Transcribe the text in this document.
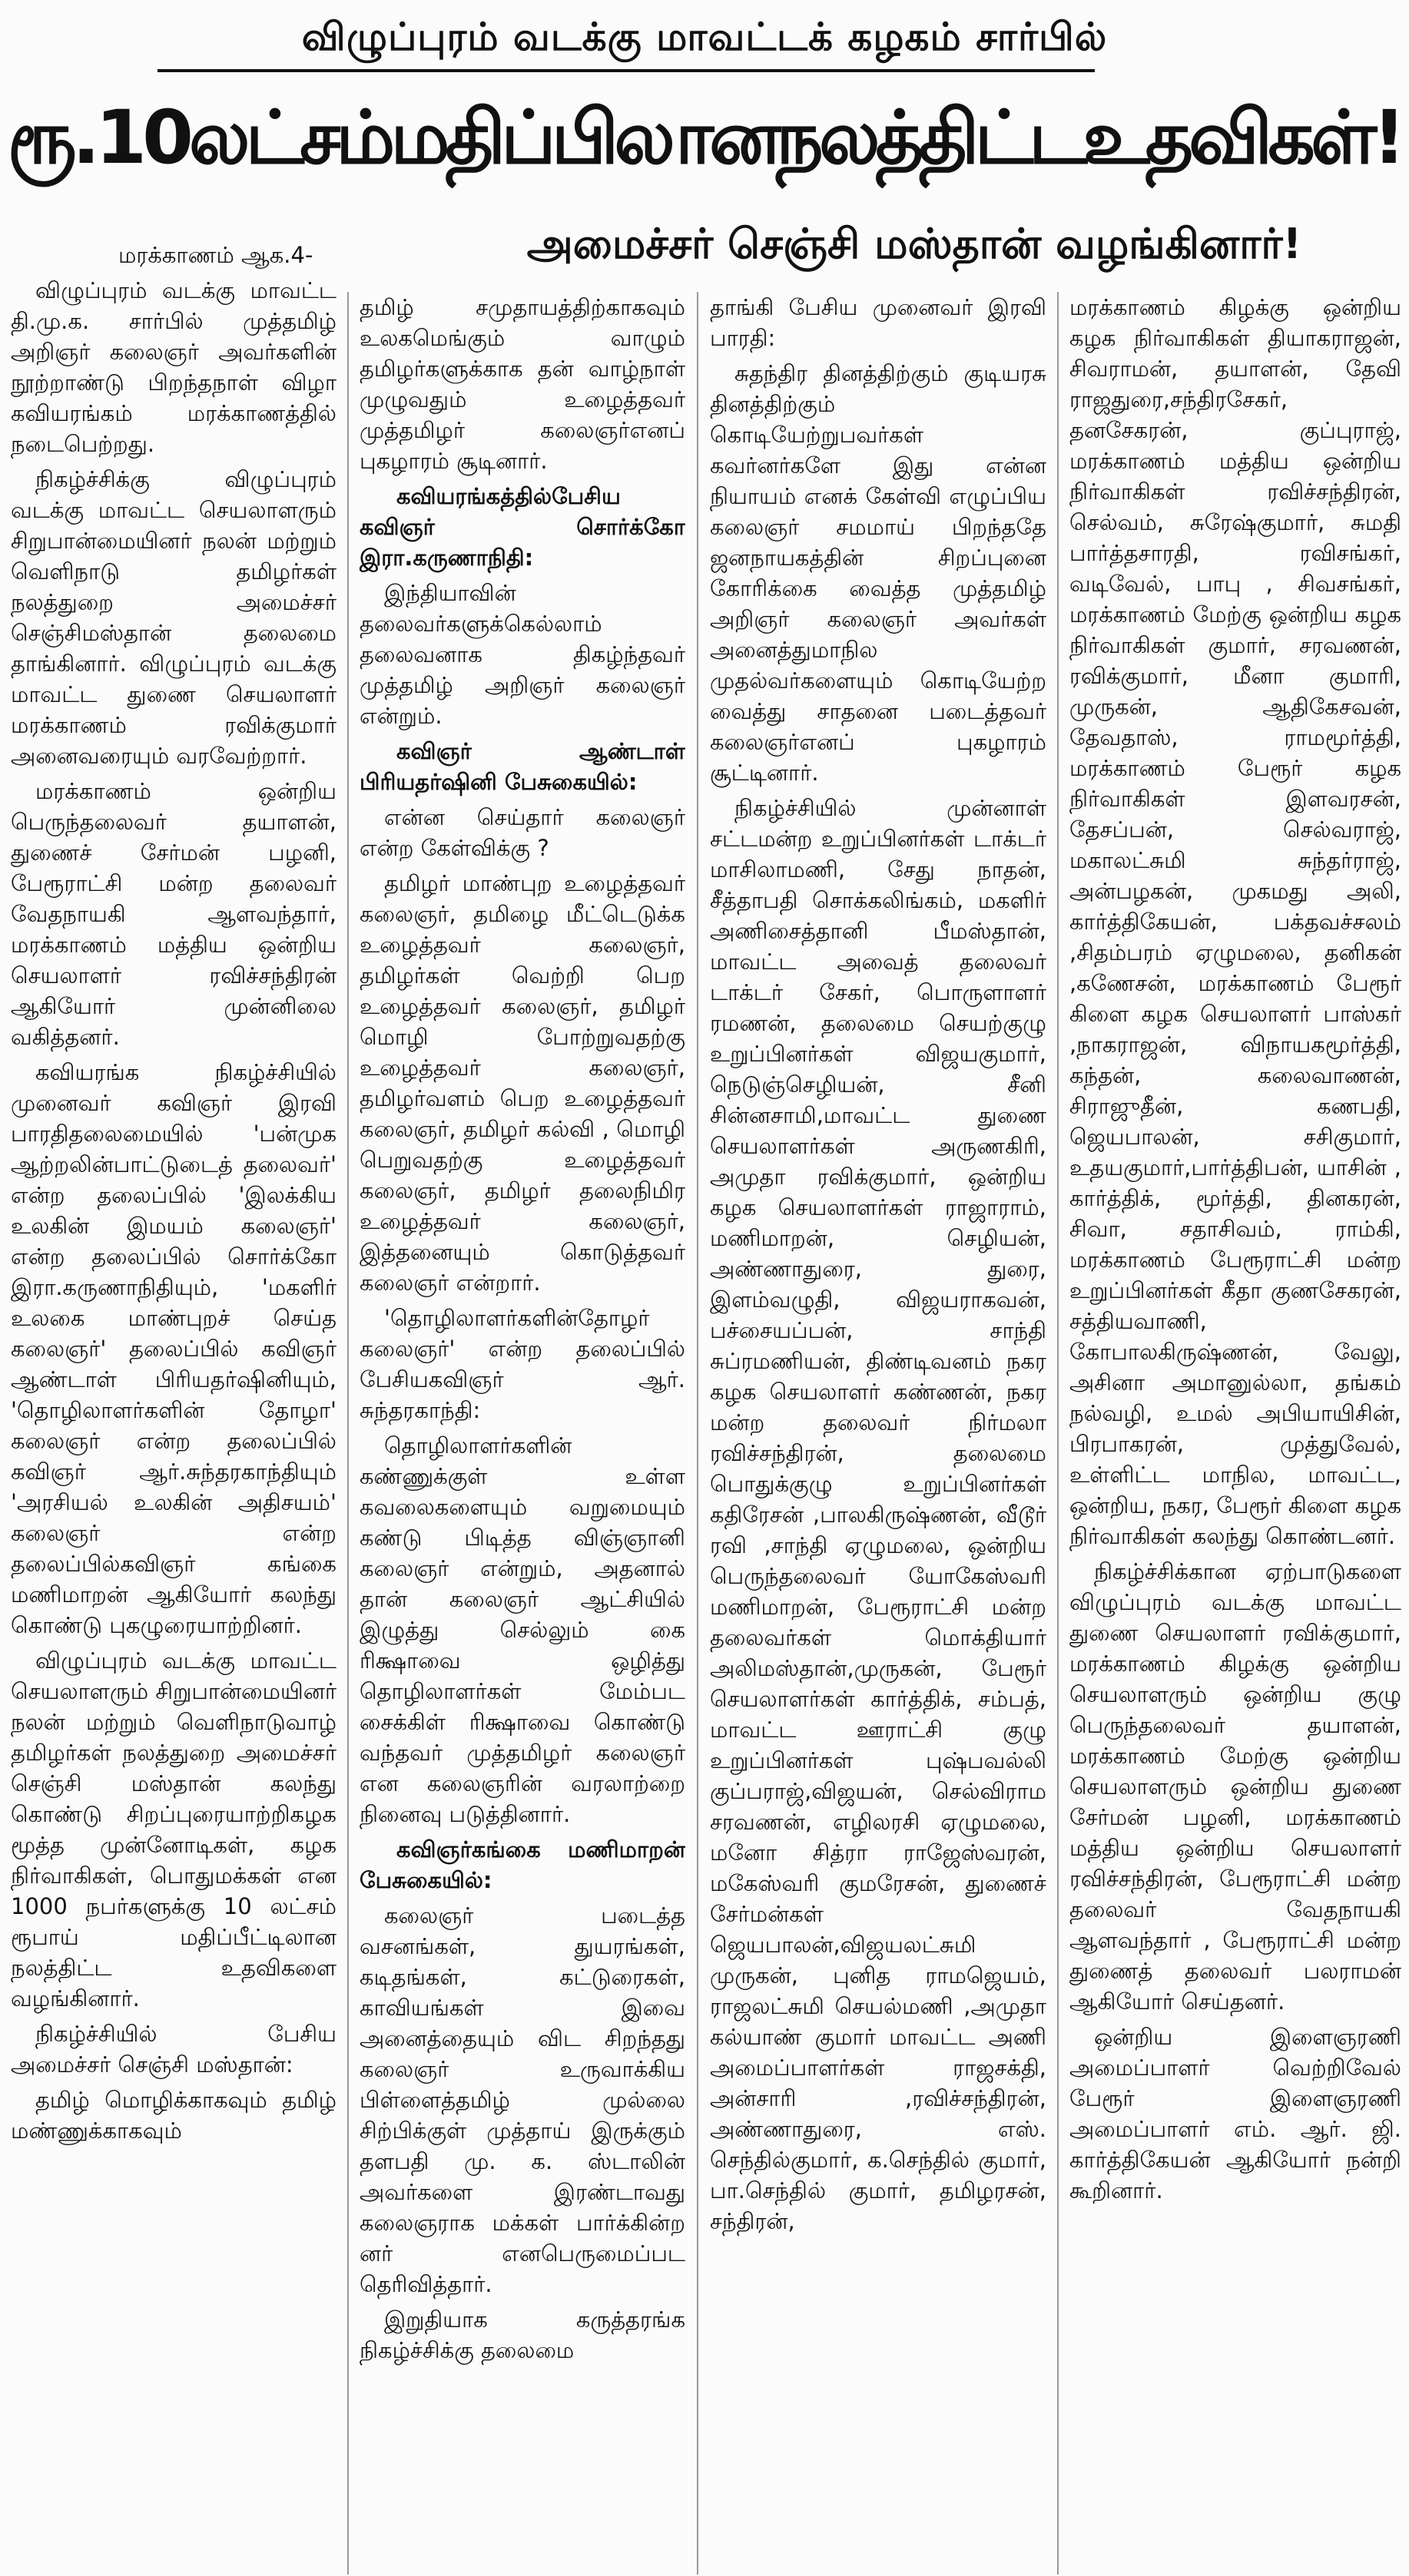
விழுப்புரம் வடக்கு மாவட்டக் கழகம் சார்பில்
ரூ.10லட்சம்மதிப்பிலானநலத்திட்டஉதவிகள்!
அமைச்சர் செஞ்சி மஸ்தான் வழங்கினார்!

மரக்காணம் ஆக.4-

விழுப்புரம் வடக்கு மாவட்ட தி.மு.க. சார்பில் முத்தமிழ் அறிஞர் கலைஞர் அவர்களின் நூற்றாண்டு பிறந்தநாள் விழா கவியரங்கம் மரக்காணத்தில் நடைபெற்றது.

நிகழ்ச்சிக்கு விழுப்புரம் வடக்கு மாவட்ட செயலாளரும் சிறுபான்மையினர் நலன் மற்றும் வெளிநாடு தமிழர்கள் நலத்துறை அமைச்சர் செஞ்சிமஸ்தான் தலைமை தாங்கினார். விழுப்புரம் வடக்கு மாவட்ட துணை செயலாளர் மரக்காணம் ரவிக்குமார் அனைவரையும் வரவேற்றார்.

மரக்காணம் ஒன்றிய பெருந்தலைவர் தயாளன், துணைச் சேர்மன் பழனி, பேரூராட்சி மன்ற தலைவர் வேதநாயகி ஆளவந்தார், மரக்காணம் மத்திய ஒன்றிய செயலாளர் ரவிச்சந்திரன் ஆகியோர் முன்னிலை வகித்தனர்.

கவியரங்க நிகழ்ச்சியில் முனைவர் கவிஞர் இரவி பாரதிதலைமையில் 'பன்முக ஆற்றலின்பாட்டுடைத் தலைவர்' என்ற தலைப்பில் 'இலக்கிய உலகின் இமயம் கலைஞர்' என்ற தலைப்பில் சொர்க்கோ இரா.கருணாநிதியும், 'மகளிர் உலகை மாண்புறச் செய்த கலைஞர்' தலைப்பில் கவிஞர் ஆண்டாள் பிரியதர்ஷினியும், 'தொழிலாளர்களின் தோழா' கலைஞர் என்ற தலைப்பில் கவிஞர் ஆர்.சுந்தரகாந்தியும் 'அரசியல் உலகின் அதிசயம்' கலைஞர் என்ற தலைப்பில்கவிஞர் கங்கை மணிமாறன் ஆகியோர் கலந்து கொண்டு புகழுரையாற்றினர்.

விழுப்புரம் வடக்கு மாவட்ட செயலாளரும் சிறுபான்மையினர் நலன் மற்றும் வெளிநாடுவாழ் தமிழர்கள் நலத்துறை அமைச்சர் செஞ்சி மஸ்தான் கலந்து கொண்டு சிறப்புரையாற்றிகழக மூத்த முன்னோடிகள், கழக நிர்வாகிகள், பொதுமக்கள் என 1000 நபர்களுக்கு 10 லட்சம் ரூபாய் மதிப்பீட்டிலான நலத்திட்ட உதவிகளை வழங்கினார்.

நிகழ்ச்சியில் பேசிய அமைச்சர் செஞ்சி மஸ்தான்:

தமிழ் மொழிக்காகவும் தமிழ் மண்ணுக்காகவும்

தமிழ் சமுதாயத்திற்காகவும் உலகமெங்கும் வாழும் தமிழர்களுக்காக தன் வாழ்நாள் முழுவதும் உழைத்தவர் முத்தமிழர் கலைஞர்எனப் புகழாரம் சூடினார்.

கவியரங்கத்தில்பேசிய கவிஞர் சொர்க்கோ இரா.கருணாநிதி:

இந்தியாவின் தலைவர்களுக்கெல்லாம் தலைவனாக திகழ்ந்தவர் முத்தமிழ் அறிஞர் கலைஞர் என்றும்.

கவிஞர் ஆண்டாள் பிரியதர்ஷினி பேசுகையில்:

என்ன செய்தார் கலைஞர் என்ற கேள்விக்கு ?

தமிழர் மாண்புற உழைத்தவர் கலைஞர், தமிழை மீட்டெடுக்க உழைத்தவர் கலைஞர், தமிழர்கள் வெற்றி பெற உழைத்தவர் கலைஞர், தமிழர் மொழி போற்றுவதற்கு உழைத்தவர் கலைஞர், தமிழர்வளம் பெற உழைத்தவர் கலைஞர், தமிழர் கல்வி , மொழி பெறுவதற்கு உழைத்தவர் கலைஞர், தமிழர் தலைநிமிர உழைத்தவர் கலைஞர், இத்தனையும் கொடுத்தவர் கலைஞர் என்றார்.

'தொழிலாளர்களின்தோழர் கலைஞர்' என்ற தலைப்பில் பேசியகவிஞர் ஆர். சுந்தரகாந்தி:

தொழிலாளர்களின் கண்ணுக்குள் உள்ள கவலைகளையும் வறுமையும் கண்டு பிடித்த விஞ்ஞானி கலைஞர் என்றும், அதனால் தான் கலைஞர் ஆட்சியில் இழுத்து செல்லும் கை ரிக்ஷாவை ஒழித்து தொழிலாளர்கள் மேம்பட சைக்கிள் ரிக்ஷாவை கொண்டு வந்தவர் முத்தமிழர் கலைஞர் என கலைஞரின் வரலாற்றை நினைவு படுத்தினார்.

கவிஞர்கங்கை மணிமாறன் பேசுகையில்:

கலைஞர் படைத்த வசனங்கள், துயரங்கள், கடிதங்கள், கட்டுரைகள், காவியங்கள் இவை அனைத்தையும் விட சிறந்தது கலைஞர் உருவாக்கிய பிள்ளைத்தமிழ் முல்லை சிற்பிக்குள் முத்தாய் இருக்கும் தளபதி மு. க. ஸ்டாலின் அவர்களை இரண்டாவது கலைஞராக மக்கள் பார்க்கின்ற னர் எனபெருமைப்பட தெரிவித்தார்.

இறுதியாக கருத்தரங்க நிகழ்ச்சிக்கு தலைமை

தாங்கி பேசிய முனைவர் இரவி பாரதி:

சுதந்திர தினத்திற்கும் குடியரசு தினத்திற்கும் கொடியேற்றுபவர்கள் கவர்னர்களே இது என்ன நியாயம் எனக் கேள்வி எழுப்பிய கலைஞர் சமமாய் பிறந்ததே ஜனநாயகத்தின் சிறப்புனை கோரிக்கை வைத்த முத்தமிழ் அறிஞர் கலைஞர் அவர்கள் அனைத்துமாநில முதல்வர்களையும் கொடியேற்ற வைத்து சாதனை படைத்தவர் கலைஞர்எனப் புகழாரம் சூட்டினார்.

நிகழ்ச்சியில் முன்னாள் சட்டமன்ற உறுப்பினர்கள் டாக்டர் மாசிலாமணி, சேது நாதன், சீத்தாபதி சொக்கலிங்கம், மகளிர் அணிசைத்தானி பீமஸ்தான், மாவட்ட அவைத் தலைவர் டாக்டர் சேகர், பொருளாளர் ரமணன், தலைமை செயற்குழு உறுப்பினர்கள் விஜயகுமார், நெடுஞ்செழியன், சீனி சின்னசாமி,மாவட்ட துணை செயலாளர்கள் அருணகிரி, அமுதா ரவிக்குமார், ஒன்றிய கழக செயலாளர்கள் ராஜாராம், மணிமாறன், செழியன், அண்ணாதுரை, துரை, இளம்வழுதி, விஜயராகவன், பச்சையப்பன், சாந்தி சுப்ரமணியன், திண்டிவனம் நகர கழக செயலாளர் கண்ணன், நகர மன்ற தலைவர் நிர்மலா ரவிச்சந்திரன், தலைமை பொதுக்குழு உறுப்பினர்கள் கதிரேசன் ,பாலகிருஷ்ணன், வீடூர் ரவி ,சாந்தி ஏழுமலை, ஒன்றிய பெருந்தலைவர் யோகேஸ்வரி மணிமாறன், பேரூராட்சி மன்ற தலைவர்கள் மொக்தியார் அலிமஸ்தான்,முருகன், பேரூர் செயலாளர்கள் கார்த்திக், சம்பத், மாவட்ட ஊராட்சி குழு உறுப்பினர்கள் புஷ்பவல்லி குப்பராஜ்,விஜயன், செல்விராம சரவணன், எழிலரசி ஏழுமலை, மனோ சித்ரா ராஜேஸ்வரன், மகேஸ்வரி குமரேசன், துணைச் சேர்மன்கள் ஜெயபாலன்,விஜயலட்சுமி முருகன், புனித ராமஜெயம், ராஜலட்சுமி செயல்மணி ,அமுதா கல்யாண் குமார் மாவட்ட அணி அமைப்பாளர்கள் ராஜசக்தி, அன்சாரி ,ரவிச்சந்திரன், அண்ணாதுரை, எஸ். செந்தில்குமார், க.செந்தில் குமார், பா.செந்தில் குமார், தமிழரசன், சந்திரன்,

மரக்காணம் கிழக்கு ஒன்றிய கழக நிர்வாகிகள் தியாகராஜன், சிவராமன், தயாளன், தேவி ராஜதுரை,சந்திரசேகர், தனசேகரன், குப்புராஜ், மரக்காணம் மத்திய ஒன்றிய நிர்வாகிகள் ரவிச்சந்திரன், செல்வம், சுரேஷ்குமார், சுமதி பார்த்தசாரதி, ரவிசங்கர், வடிவேல், பாபு , சிவசங்கர், மரக்காணம் மேற்கு ஒன்றிய கழக நிர்வாகிகள் குமார், சரவணன், ரவிக்குமார், மீனா குமாரி, முருகன், ஆதிகேசவன், தேவதாஸ், ராமமூர்த்தி, மரக்காணம் பேரூர் கழக நிர்வாகிகள் இளவரசன், தேசப்பன், செல்வராஜ், மகாலட்சுமி சுந்தர்ராஜ், அன்பழகன், முகமது அலி, கார்த்திகேயன், பக்தவச்சலம் ,சிதம்பரம் ஏழுமலை, தனிகன் ,கணேசன், மரக்காணம் பேரூர் கிளை கழக செயலாளர் பாஸ்கர் ,நாகராஜன், விநாயகமூர்த்தி, கந்தன், கலைவாணன், சிராஜுதீன், கணபதி, ஜெயபாலன், சசிகுமார், உதயகுமார்,பார்த்திபன், யாசின் , கார்த்திக், மூர்த்தி, தினகரன், சிவா, சதாசிவம், ராம்கி, மரக்காணம் பேரூராட்சி மன்ற உறுப்பினர்கள் கீதா குணசேகரன், சத்தியவாணி, கோபாலகிருஷ்ணன், வேலு, அசினா அமானுல்லா, தங்கம் நல்வழி, உமல் அபியாயிசின், பிரபாகரன், முத்துவேல், உள்ளிட்ட மாநில, மாவட்ட, ஒன்றிய, நகர, பேரூர் கிளை கழக நிர்வாகிகள் கலந்து கொண்டனர்.

நிகழ்ச்சிக்கான ஏற்பாடுகளை விழுப்புரம் வடக்கு மாவட்ட துணை செயலாளர் ரவிக்குமார், மரக்காணம் கிழக்கு ஒன்றிய செயலாளரும் ஒன்றிய குழு பெருந்தலைவர் தயாளன், மரக்காணம் மேற்கு ஒன்றிய செயலாளரும் ஒன்றிய துணை சேர்மன் பழனி, மரக்காணம் மத்திய ஒன்றிய செயலாளர் ரவிச்சந்திரன், பேரூராட்சி மன்ற தலைவர் வேதநாயகி ஆளவந்தார் , பேரூராட்சி மன்ற துணைத் தலைவர் பலராமன் ஆகியோர் செய்தனர்.

ஒன்றிய இளைஞரணி அமைப்பாளர் வெற்றிவேல் பேரூர் இளைஞரணி அமைப்பாளர் எம். ஆர். ஜி. கார்த்திகேயன் ஆகியோர் நன்றி கூறினார்.
